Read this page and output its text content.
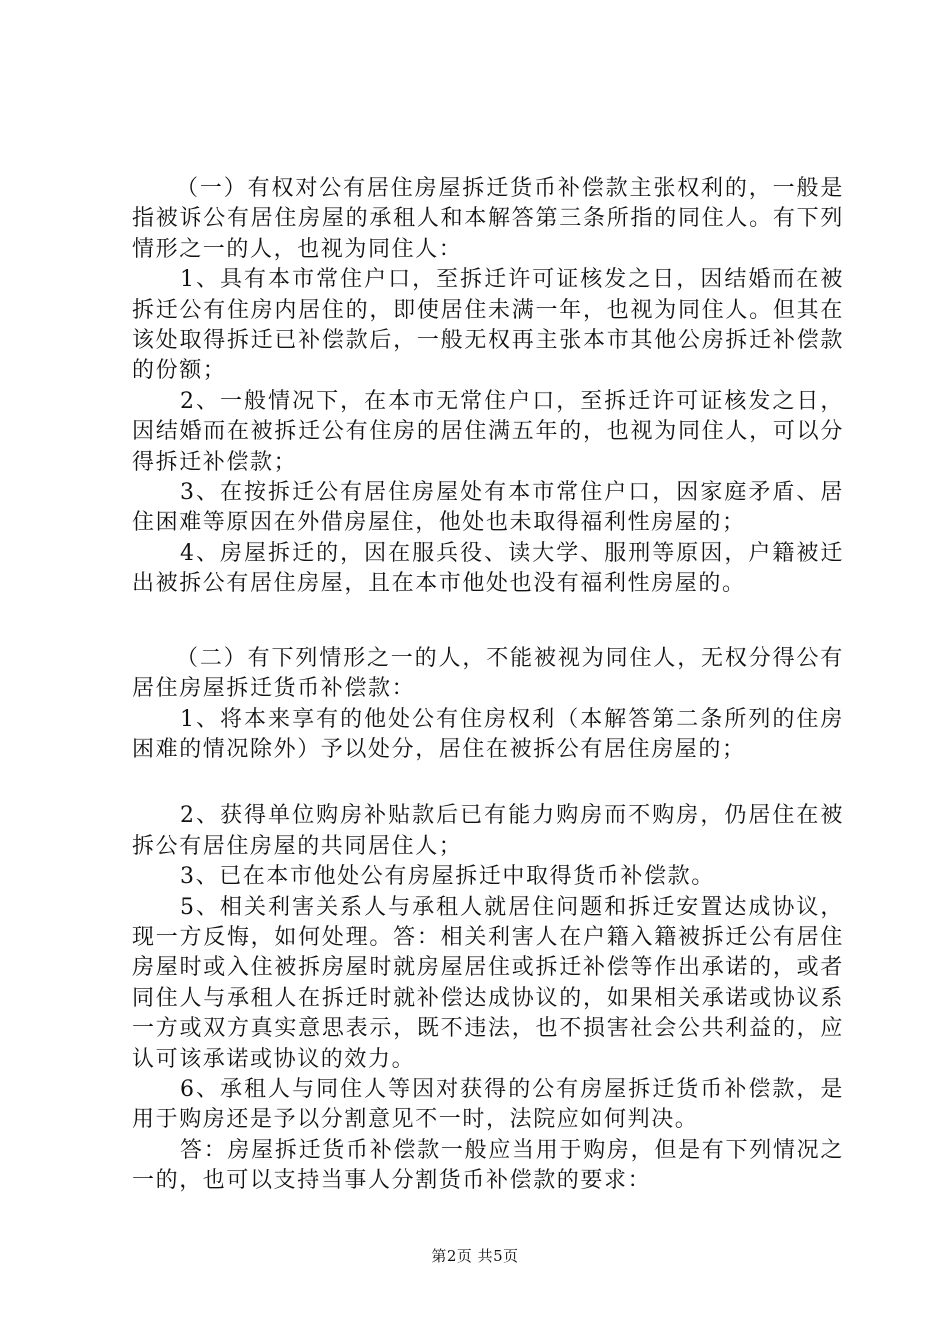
（一）有权对公有居住房屋拆迁货币补偿款主张权利的，一般是指被诉公有居住房屋的承租人和本解答第三条所指的同住人。有下列情形之一的人，也视为同住人：

1、具有本市常住户口，至拆迁许可证核发之日，因结婚而在被拆迁公有住房内居住的，即使居住未满一年，也视为同住人。但其在该处取得拆迁已补偿款后，一般无权再主张本市其他公房拆迁补偿款的份额；

2、一般情况下，在本市无常住户口，至拆迁许可证核发之日，因结婚而在被拆迁公有住房的居住满五年的，也视为同住人，可以分得拆迁补偿款；

3、在按拆迁公有居住房屋处有本市常住户口，因家庭矛盾、居住困难等原因在外借房屋住，他处也未取得福利性房屋的；

4、房屋拆迁的，因在服兵役、读大学、服刑等原因，户籍被迁出被拆公有居住房屋，且在本市他处也没有福利性房屋的。

（二）有下列情形之一的人，不能被视为同住人，无权分得公有居住房屋拆迁货币补偿款：

1、将本来享有的他处公有住房权利（本解答第二条所列的住房困难的情况除外）予以处分，居住在被拆公有居住房屋的；

2、获得单位购房补贴款后已有能力购房而不购房，仍居住在被拆公有居住房屋的共同居住人；

3、已在本市他处公有房屋拆迁中取得货币补偿款。

5、相关利害关系人与承租人就居住问题和拆迁安置达成协议，现一方反悔，如何处理。答：相关利害人在户籍入籍被拆迁公有居住房屋时或入住被拆房屋时就房屋居住或拆迁补偿等作出承诺的，或者同住人与承租人在拆迁时就补偿达成协议的，如果相关承诺或协议系一方或双方真实意思表示，既不违法，也不损害社会公共利益的，应认可该承诺或协议的效力。

6、承租人与同住人等因对获得的公有房屋拆迁货币补偿款，是用于购房还是予以分割意见不一时，法院应如何判决。

答：房屋拆迁货币补偿款一般应当用于购房，但是有下列情况之一的，也可以支持当事人分割货币补偿款的要求：

第2页 共5页
